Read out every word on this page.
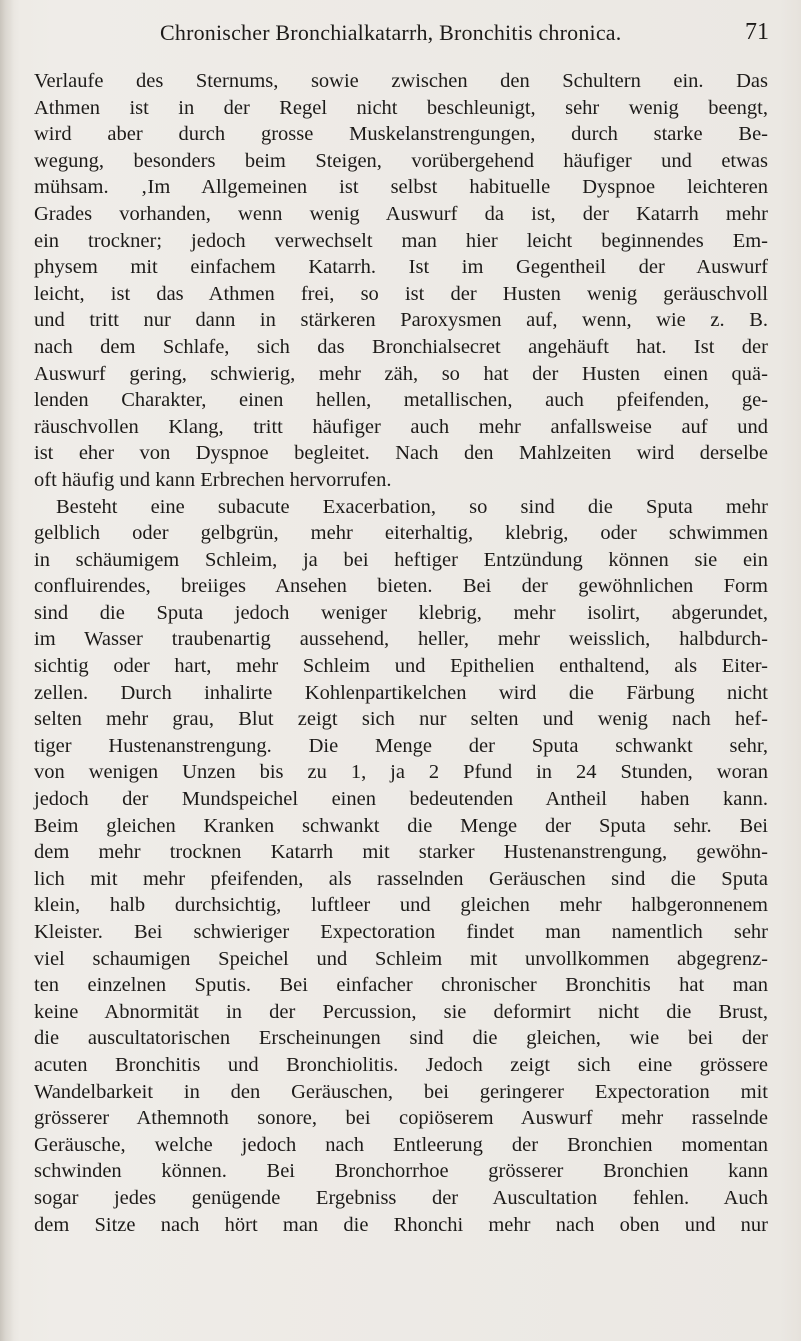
Chronischer Bronchialkatarrh, Bronchitis chronica.	71
Verlaufe des Sternums, sowie zwischen den Schultern ein. Das
Athmen ist in der Regel nicht beschleunigt, sehr wenig beengt,
wird aber durch grosse Muskelanstrengungen, durch starke Be-
wegung, besonders beim Steigen, vorübergehend häufiger und etwas
mühsam. ‚Im Allgemeinen ist selbst habituelle Dyspnoe leichteren
Grades vorhanden, wenn wenig Auswurf da ist, der Katarrh mehr
ein trockner; jedoch verwechselt man hier leicht beginnendes Em-
physem mit einfachem Katarrh. Ist im Gegentheil der Auswurf
leicht, ist das Athmen frei, so ist der Husten wenig geräuschvoll
und tritt nur dann in stärkeren Paroxysmen auf, wenn, wie z. B.
nach dem Schlafe, sich das Bronchialsecret angehäuft hat. Ist der
Auswurf gering, schwierig, mehr zäh, so hat der Husten einen quä-
lenden Charakter, einen hellen, metallischen, auch pfeifenden, ge-
räuschvollen Klang, tritt häufiger auch mehr anfallsweise auf und
ist eher von Dyspnoe begleitet. Nach den Mahlzeiten wird derselbe
oft häufig und kann Erbrechen hervorrufen.
Besteht eine subacute Exacerbation, so sind die Sputa mehr
gelblich oder gelbgrün, mehr eiterhaltig, klebrig, oder schwimmen
in schäumigem Schleim, ja bei heftiger Entzündung können sie ein
confluirendes, breiiges Ansehen bieten. Bei der gewöhnlichen Form
sind die Sputa jedoch weniger klebrig, mehr isolirt, abgerundet,
im Wasser traubenartig aussehend, heller, mehr weisslich, halbdurch-
sichtig oder hart, mehr Schleim und Epithelien enthaltend, als Eiter-
zellen. Durch inhalirte Kohlenpartikelchen wird die Färbung nicht
selten mehr grau, Blut zeigt sich nur selten und wenig nach hef-
tiger Hustenanstrengung. Die Menge der Sputa schwankt sehr,
von wenigen Unzen bis zu 1, ja 2 Pfund in 24 Stunden, woran
jedoch der Mundspeichel einen bedeutenden Antheil haben kann.
Beim gleichen Kranken schwankt die Menge der Sputa sehr. Bei
dem mehr trocknen Katarrh mit starker Hustenanstrengung, gewöhn-
lich mit mehr pfeifenden, als rasselnden Geräuschen sind die Sputa
klein, halb durchsichtig, luftleer und gleichen mehr halbgeronnenem
Kleister. Bei schwieriger Expectoration findet man namentlich sehr
viel schaumigen Speichel und Schleim mit unvollkommen abgegrenz-
ten einzelnen Sputis. Bei einfacher chronischer Bronchitis hat man
keine Abnormität in der Percussion, sie deformirt nicht die Brust,
die auscultatorischen Erscheinungen sind die gleichen, wie bei der
acuten Bronchitis und Bronchiolitis. Jedoch zeigt sich eine grössere
Wandelbarkeit in den Geräuschen, bei geringerer Expectoration mit
grösserer Athemnoth sonore, bei copiöserem Auswurf mehr rasselnde
Geräusche, welche jedoch nach Entleerung der Bronchien momentan
schwinden können. Bei Bronchorrhoe grösserer Bronchien kann
sogar jedes genügende Ergebniss der Auscultation fehlen. Auch
dem Sitze nach hört man die Rhonchi mehr nach oben und nur
